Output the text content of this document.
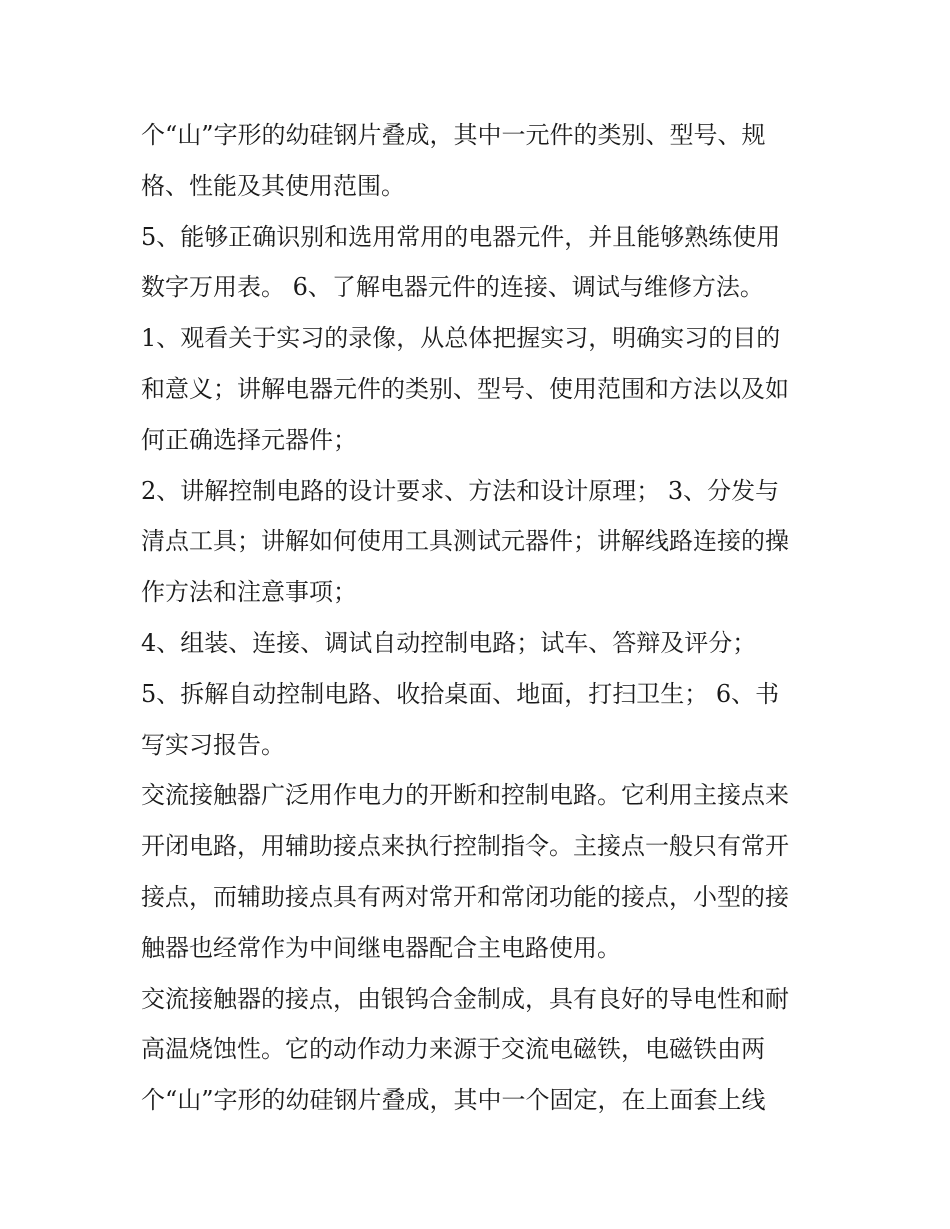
个“山”字形的幼硅钢片叠成，其中一元件的类别、型号、规
格、性能及其使用范围。
5、能够正确识别和选用常用的电器元件，并且能够熟练使用
数字万用表。 6、了解电器元件的连接、调试与维修方法。
1、观看关于实习的录像，从总体把握实习，明确实习的目的
和意义；讲解电器元件的类别、型号、使用范围和方法以及如
何正确选择元器件；
2、讲解控制电路的设计要求、方法和设计原理； 3、分发与
清点工具；讲解如何使用工具测试元器件；讲解线路连接的操
作方法和注意事项；
4、组装、连接、调试自动控制电路；试车、答辩及评分；
5、拆解自动控制电路、收拾桌面、地面，打扫卫生； 6、书
写实习报告。
交流接触器广泛用作电力的开断和控制电路。它利用主接点来
开闭电路，用辅助接点来执行控制指令。主接点一般只有常开
接点，而辅助接点具有两对常开和常闭功能的接点，小型的接
触器也经常作为中间继电器配合主电路使用。
交流接触器的接点，由银钨合金制成，具有良好的导电性和耐
高温烧蚀性。它的动作动力来源于交流电磁铁，电磁铁由两
个“山”字形的幼硅钢片叠成，其中一个固定，在上面套上线
